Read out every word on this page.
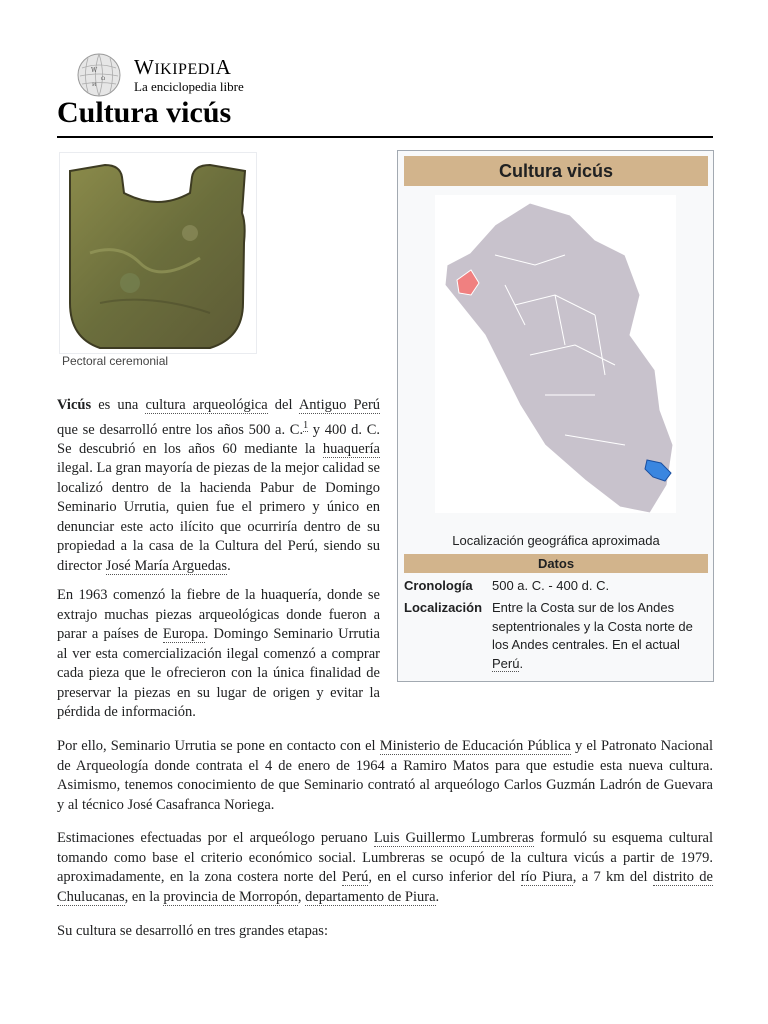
W
Ω
И
WIKIPEDIA
La enciclopedia libre
Cultura vicús
Pectoral ceremonial
Cultura vicús
Localización geográfica aproximada
Datos
Cronología 500 a. C. - 400 d. C.
Localización Entre la Costa sur de los Andes septentrionales y la Costa norte de los Andes centrales. En el actual Perú.

Vicús es una cultura arqueológica del Antiguo Perú que se desarrolló entre los años 500 a. C.$^1$ y 400 d. C. Se descubrió en los años 60 mediante la huaquería ilegal. La gran mayoría de piezas de la mejor calidad se localizó dentro de la hacienda Pabur de Domingo Seminario Urrutia, quien fue el primero y único en denunciar este acto ilícito que ocurriría dentro de su propiedad a la casa de la Cultura del Perú, siendo su director José María Arguedas.

En 1963 comenzó la fiebre de la huaquería, donde se extrajo muchas piezas arqueológicas donde fueron a parar a países de Europa. Domingo Seminario Urrutia al ver esta comercialización ilegal comenzó a comprar cada pieza que le ofrecieron con la única finalidad de preservar la piezas en su lugar de origen y evitar la pérdida de información.

Por ello, Seminario Urrutia se pone en contacto con el Ministerio de Educación Pública y el Patronato Nacional de Arqueología donde contrata el 4 de enero de 1964 a Ramiro Matos para que estudie esta nueva cultura. Asimismo, tenemos conocimiento de que Seminario contrató al arqueólogo Carlos Guzmán Ladrón de Guevara y al técnico José Casafranca Noriega.

Estimaciones efectuadas por el arqueólogo peruano Luis Guillermo Lumbreras formuló su esquema cultural tomando como base el criterio económico social. Lumbreras se ocupó de la cultura vicús a partir de 1979. aproximadamente, en la zona costera norte del Perú, en el curso inferior del río Piura, a 7 km del distrito de Chulucanas, en la provincia de Morropón, departamento de Piura.

Su cultura se desarrolló en tres grandes etapas:
